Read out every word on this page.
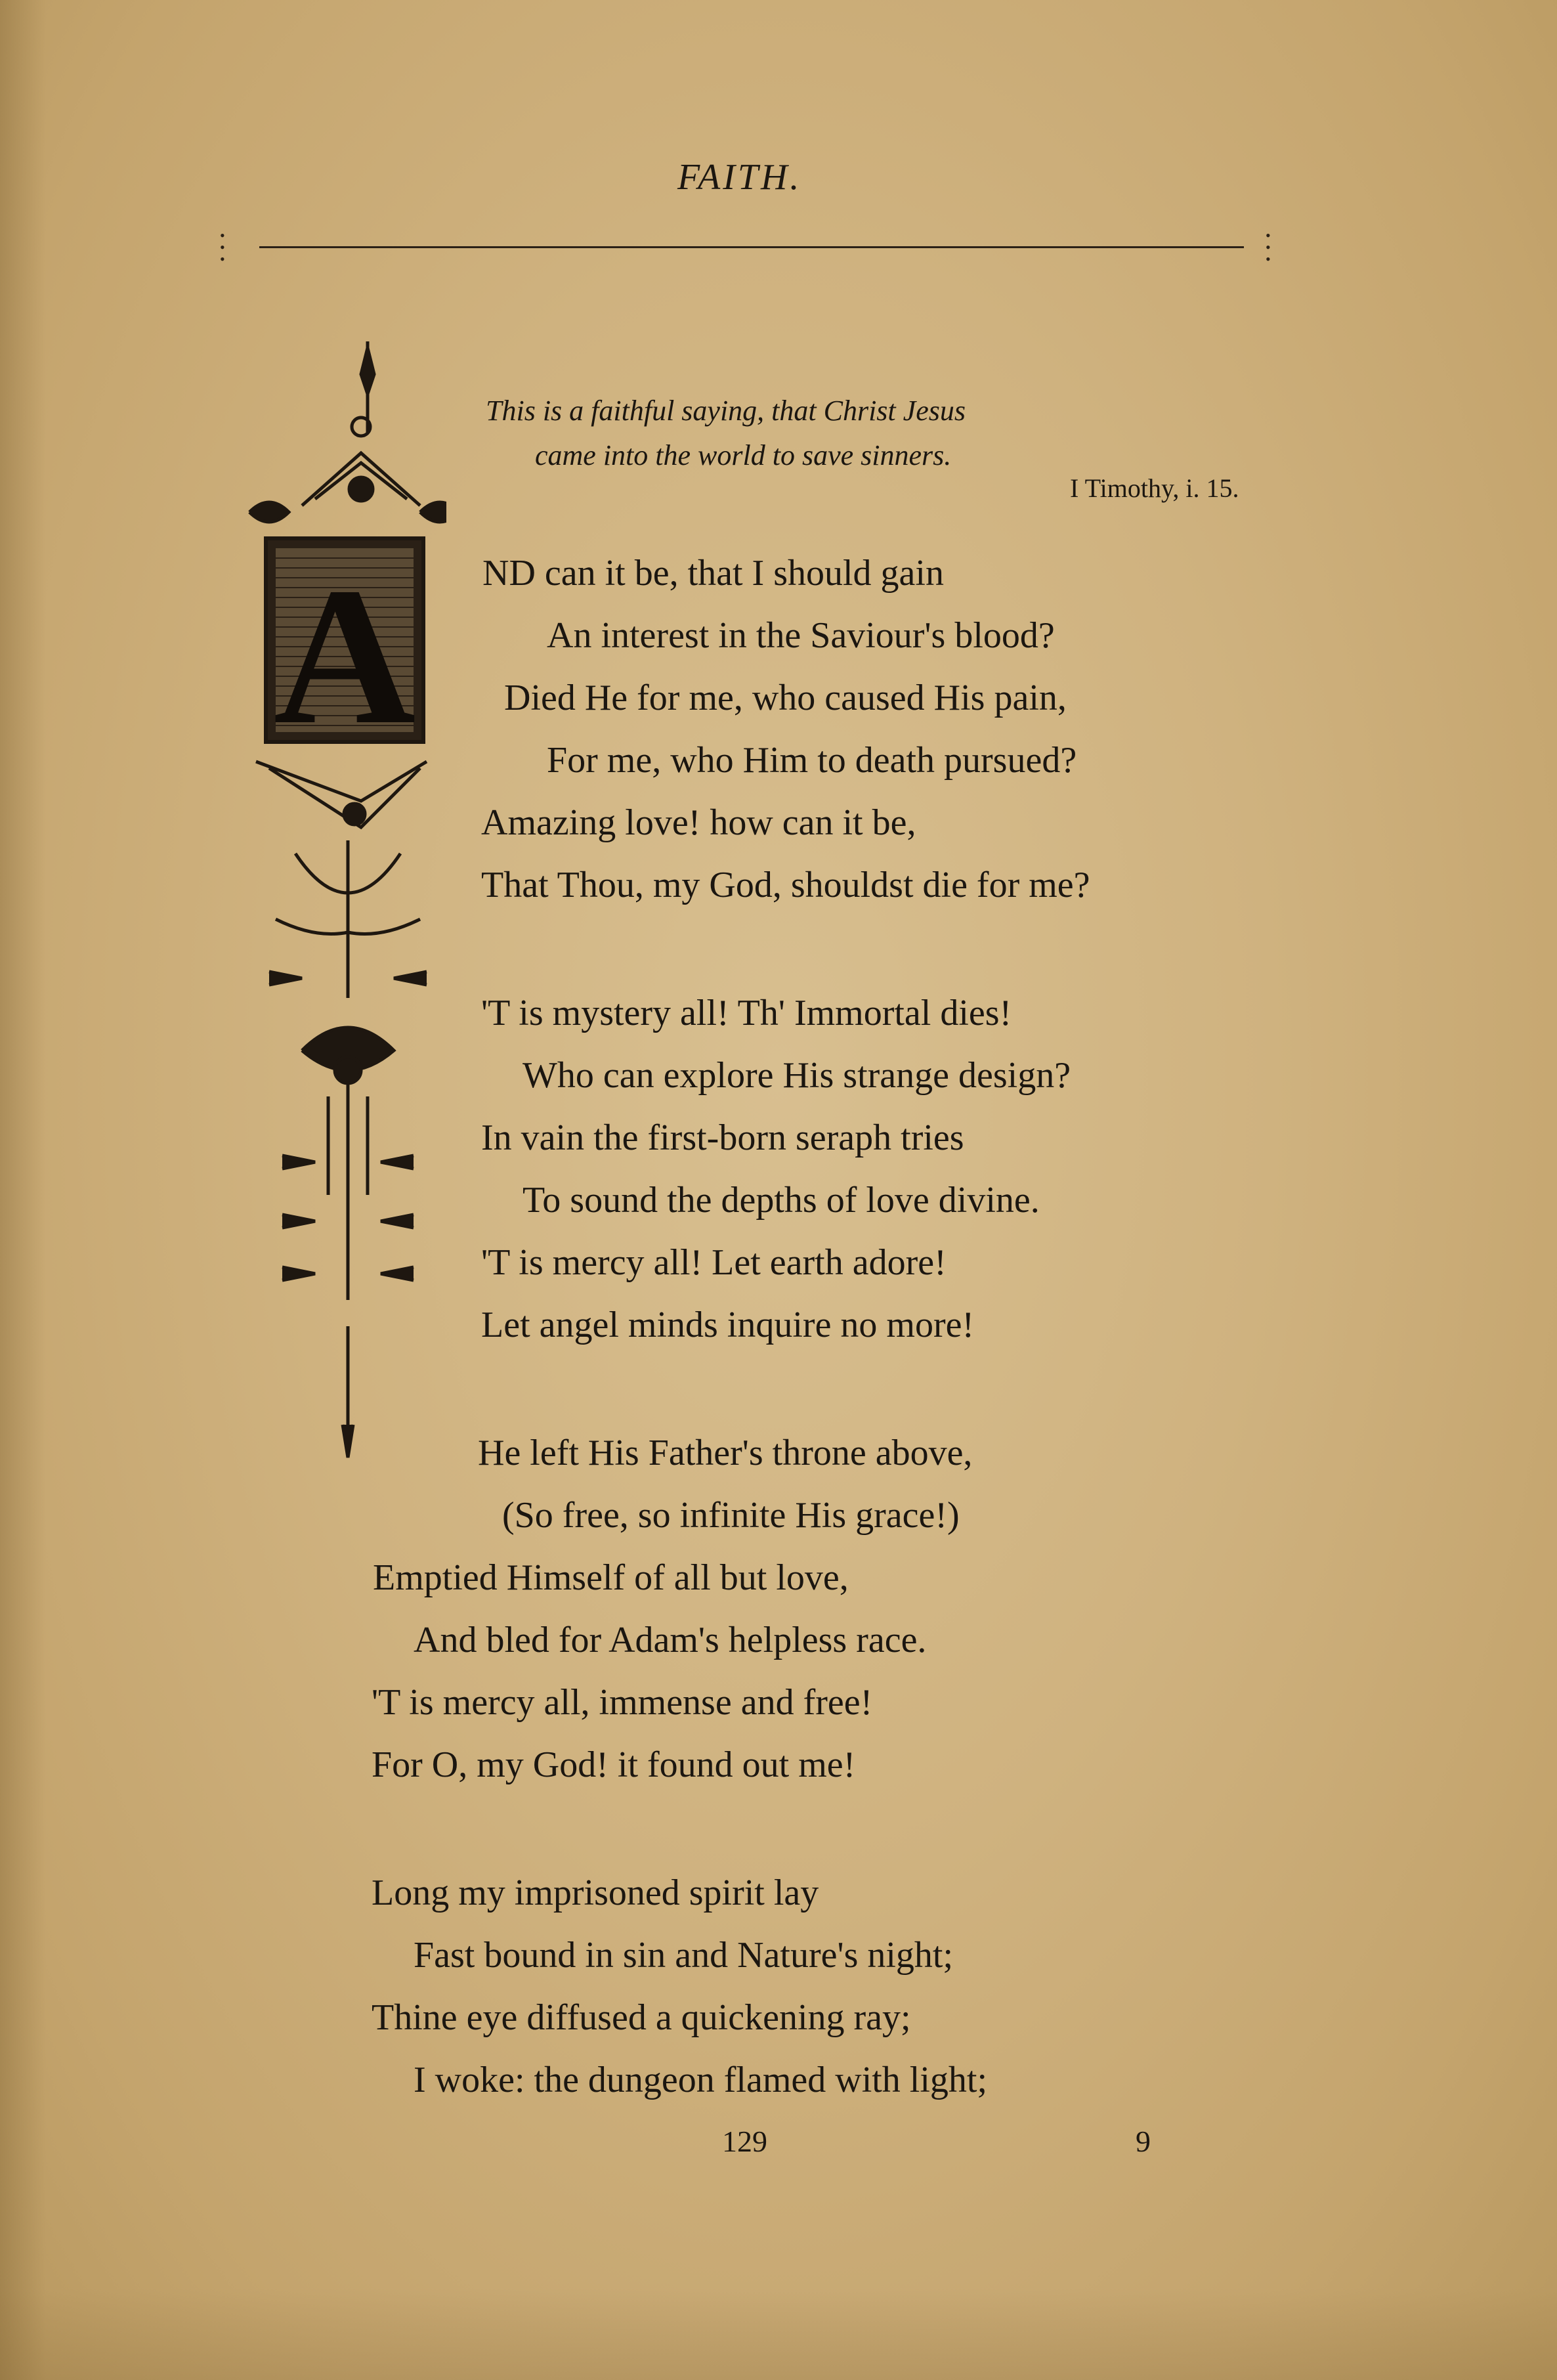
FAITH.
•
•
•
•
•
•
This is a faithful saying, that Christ Jesus
came into the world to save sinners.
I Timothy, i. 15.
A ND can it be, that I should gain
An interest in the Saviour's blood?
Died He for me, who caused His pain,
For me, who Him to death pursued?
Amazing love! how can it be,
That Thou, my God, shouldst die for me?
'T is mystery all! Th' Immortal dies!
Who can explore His strange design?
In vain the first-born seraph tries
To sound the depths of love divine.
'T is mercy all! Let earth adore!
Let angel minds inquire no more!
He left His Father's throne above,
(So free, so infinite His grace!)
Emptied Himself of all but love,
And bled for Adam's helpless race.
'T is mercy all, immense and free!
For O, my God! it found out me!
Long my imprisoned spirit lay
Fast bound in sin and Nature's night;
Thine eye diffused a quickening ray;
I woke: the dungeon flamed with light;
129	9
